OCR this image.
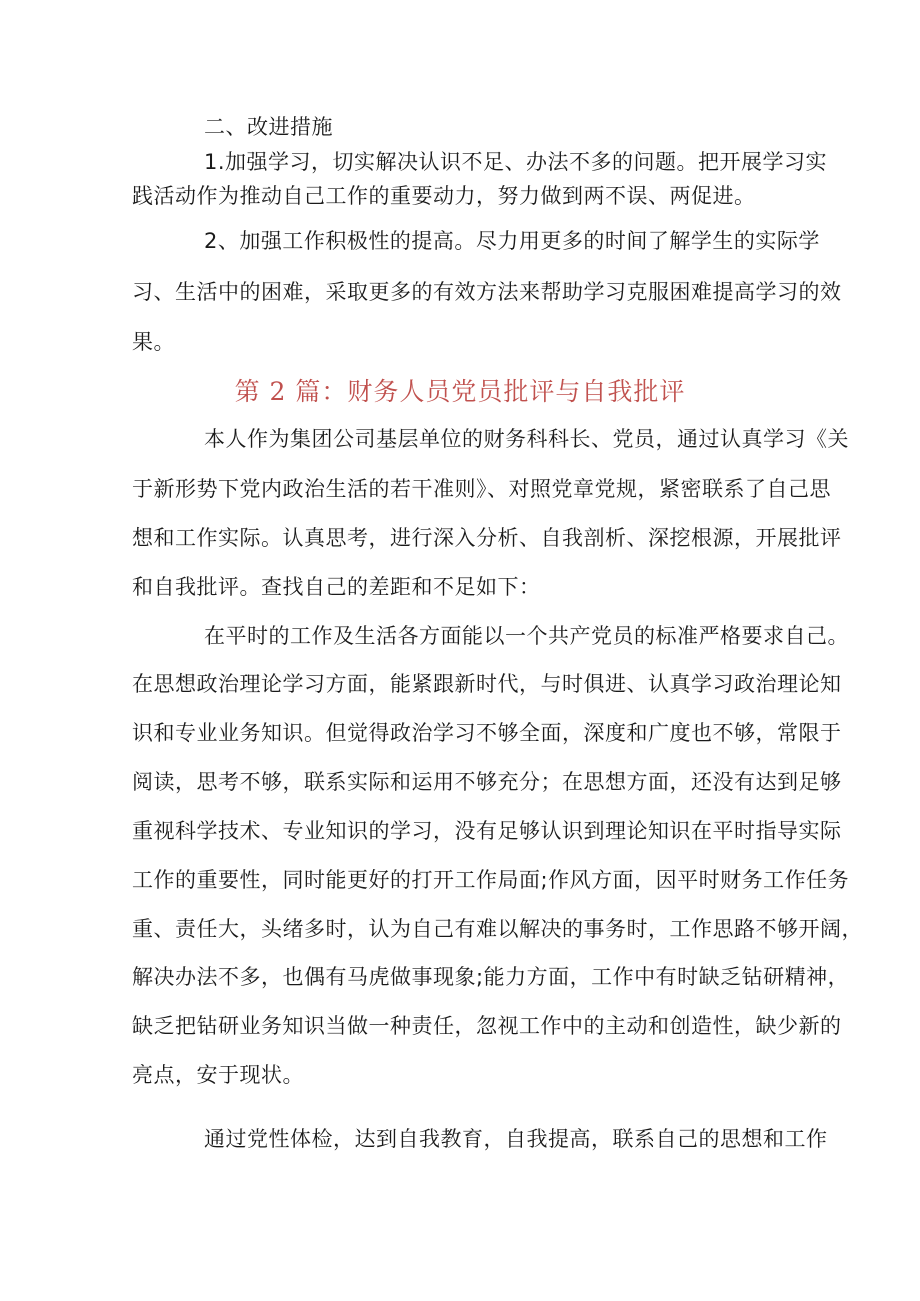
二、改进措施
1.加强学习，切实解决认识不足、办法不多的问题。把开展学习实
践活动作为推动自己工作的重要动力，努力做到两不误、两促进。
2、加强工作积极性的提高。尽力用更多的时间了解学生的实际学
习、生活中的困难，采取更多的有效方法来帮助学习克服困难提高学习的效
果。
本人作为集团公司基层单位的财务科科长、党员，通过认真学习《关
于新形势下党内政治生活的若干准则》、对照党章党规，紧密联系了自己思
想和工作实际。认真思考，进行深入分析、自我剖析、深挖根源，开展批评
和自我批评。查找自己的差距和不足如下：
在平时的工作及生活各方面能以一个共产党员的标准严格要求自己。
在思想政治理论学习方面，能紧跟新时代，与时俱进、认真学习政治理论知
识和专业业务知识。但觉得政治学习不够全面，深度和广度也不够，常限于
阅读，思考不够，联系实际和运用不够充分；在思想方面，还没有达到足够
重视科学技术、专业知识的学习，没有足够认识到理论知识在平时指导实际
工作的重要性，同时能更好的打开工作局面;作风方面，因平时财务工作任务
重、责任大，头绪多时，认为自己有难以解决的事务时，工作思路不够开阔，
解决办法不多，也偶有马虎做事现象;能力方面，工作中有时缺乏钻研精神，
缺乏把钻研业务知识当做一种责任，忽视工作中的主动和创造性，缺少新的
亮点，安于现状。
通过党性体检，达到自我教育，自我提高，联系自己的思想和工作
第 2 篇：财务人员党员批评与自我批评
